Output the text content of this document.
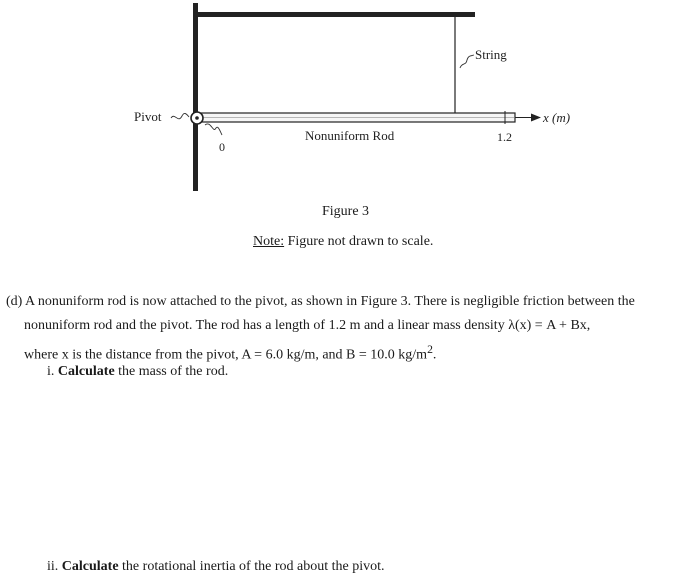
Pivot
String
x (m)
0
1.2
Nonuniform Rod
Figure 3
Note: Figure not drawn to scale.
(d) A nonuniform rod is now attached to the pivot, as shown in Figure 3. There is negligible friction between the
nonuniform rod and the pivot. The rod has a length of 1.2 m and a linear mass density λ(x) = A + Bx,
where x is the distance from the pivot, A = 6.0 kg/m, and B = 10.0 $kg/m^2$.
i. Calculate the mass of the rod.
ii. Calculate the rotational inertia of the rod about the pivot.
